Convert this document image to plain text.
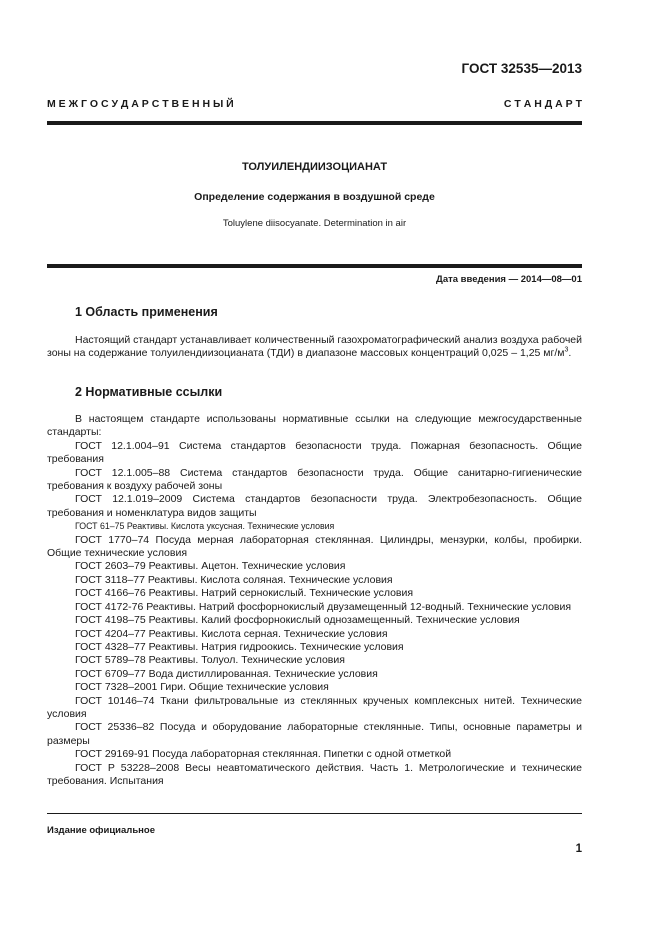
ГОСТ 32535—2013
М Е Ж Г О С У Д А Р С Т В Е Н Н Ы Й	С Т А Н Д А Р Т
ТОЛУИЛЕНДИИЗОЦИАНАТ
Определение содержания в воздушной среде
Toluylene diisocyanate. Determination in air
Дата введения — 2014—08—01
1 Область применения

Настоящий стандарт устанавливает количественный газохроматографический анализ воздуха рабочей зоны на содержание толуилендиизоцианата (ТДИ) в диапазоне массовых концентраций 0,025 – 1,25 $мг/м^3$.

2 Нормативные ссылки

В настоящем стандарте использованы нормативные ссылки на следующие межгосударственные стандарты:

ГОСТ 12.1.004–91 Система стандартов безопасности труда. Пожарная безопасность. Общие требования

ГОСТ 12.1.005–88 Система стандартов безопасности труда. Общие санитарно-гигиенические требования к воздуху рабочей зоны

ГОСТ 12.1.019–2009 Система стандартов безопасности труда. Электробезопасность. Общие требования и номенклатура видов защиты

ГОСТ 61–75 Реактивы. Кислота уксусная. Технические условия

ГОСТ 1770–74 Посуда мерная лабораторная стеклянная. Цилиндры, мензурки, колбы, пробирки. Общие технические условия

ГОСТ 2603–79 Реактивы. Ацетон. Технические условия

ГОСТ 3118–77 Реактивы. Кислота соляная. Технические условия

ГОСТ 4166–76 Реактивы. Натрий сернокислый. Технические условия

ГОСТ 4172-76 Реактивы. Натрий фосфорнокислый двузамещенный 12-водный. Технические условия

ГОСТ 4198–75 Реактивы. Калий фосфорнокислый однозамещенный. Технические условия

ГОСТ 4204–77 Реактивы. Кислота серная. Технические условия

ГОСТ 4328–77 Реактивы. Натрия гидроокись. Технические условия

ГОСТ 5789–78 Реактивы. Толуол. Технические условия

ГОСТ 6709–77 Вода дистиллированная. Технические условия

ГОСТ 7328–2001 Гири. Общие технические условия

ГОСТ 10146–74 Ткани фильтровальные из стеклянных крученых комплексных нитей. Технические условия

ГОСТ 25336–82 Посуда и оборудование лабораторные стеклянные. Типы, основные параметры и размеры

ГОСТ 29169-91 Посуда лабораторная стеклянная. Пипетки с одной отметкой

ГОСТ Р 53228–2008 Весы неавтоматического действия. Часть 1. Метрологические и технические требования. Испытания

Издание официальное
1
